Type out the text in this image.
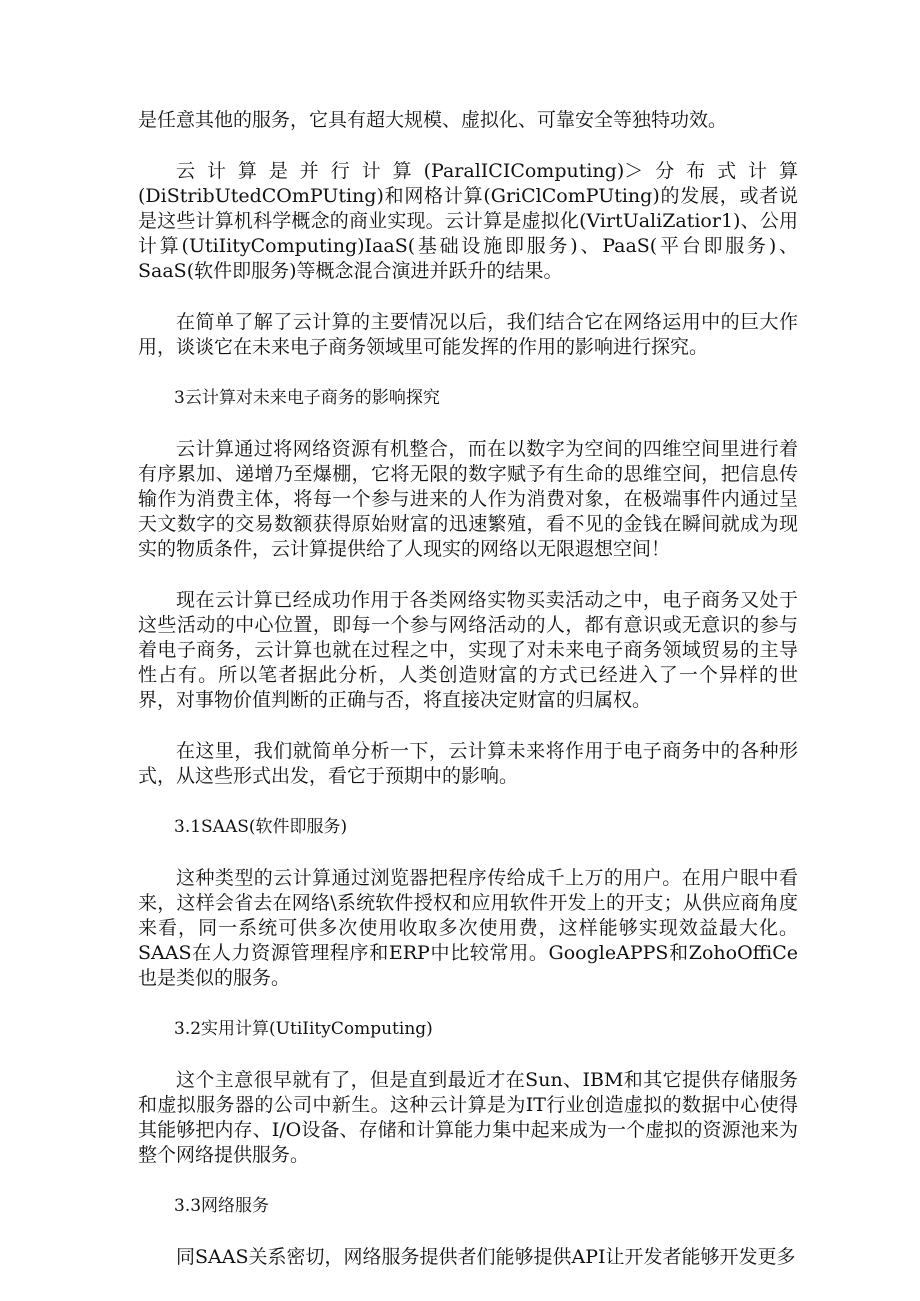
是任意其他的服务，它具有超大规模、虚拟化、可靠安全等独特功效。

云计算是并行计算(ParalICIComputing)＞分布式计算(DiStribUtedCOmPUting)和网格计算(GriClComPUting)的发展，或者说是这些计算机科学概念的商业实现。云计算是虚拟化(VirtUaliZatior1)、公用计算(UtiIityComputing)IaaS(基础设施即服务)、PaaS(平台即服务)、SaaS(软件即服务)等概念混合演进并跃升的结果。

在简单了解了云计算的主要情况以后，我们结合它在网络运用中的巨大作用，谈谈它在未来电子商务领域里可能发挥的作用的影响进行探究。

3云计算对未来电子商务的影响探究

云计算通过将网络资源有机整合，而在以数字为空间的四维空间里进行着有序累加、递增乃至爆棚，它将无限的数字赋予有生命的思维空间，把信息传输作为消费主体，将每一个参与进来的人作为消费对象，在极端事件内通过呈天文数字的交易数额获得原始财富的迅速繁殖，看不见的金钱在瞬间就成为现实的物质条件，云计算提供给了人现实的网络以无限遐想空间！

现在云计算已经成功作用于各类网络实物买卖活动之中，电子商务又处于这些活动的中心位置，即每一个参与网络活动的人，都有意识或无意识的参与着电子商务，云计算也就在过程之中，实现了对未来电子商务领域贸易的主导性占有。所以笔者据此分析，人类创造财富的方式已经进入了一个异样的世界，对事物价值判断的正确与否，将直接决定财富的归属权。

在这里，我们就简单分析一下，云计算未来将作用于电子商务中的各种形式，从这些形式出发，看它于预期中的影响。

3.1SAAS(软件即服务)

这种类型的云计算通过浏览器把程序传给成千上万的用户。在用户眼中看来，这样会省去在网络\系统软件授权和应用软件开发上的开支；从供应商角度来看，同一系统可供多次使用收取多次使用费，这样能够实现效益最大化。SAAS在人力资源管理程序和ERP中比较常用。GoogleAPPS和ZohoOffiCe也是类似的服务。

3.2实用计算(UtiIityComputing)

这个主意很早就有了，但是直到最近才在Sun、IBM和其它提供存储服务和虚拟服务器的公司中新生。这种云计算是为IT行业创造虚拟的数据中心使得其能够把内存、I/O设备、存储和计算能力集中起来成为一个虚拟的资源池来为整个网络提供服务。

3.3网络服务

同SAAS关系密切，网络服务提供者们能够提供API让开发者能够开发更多
